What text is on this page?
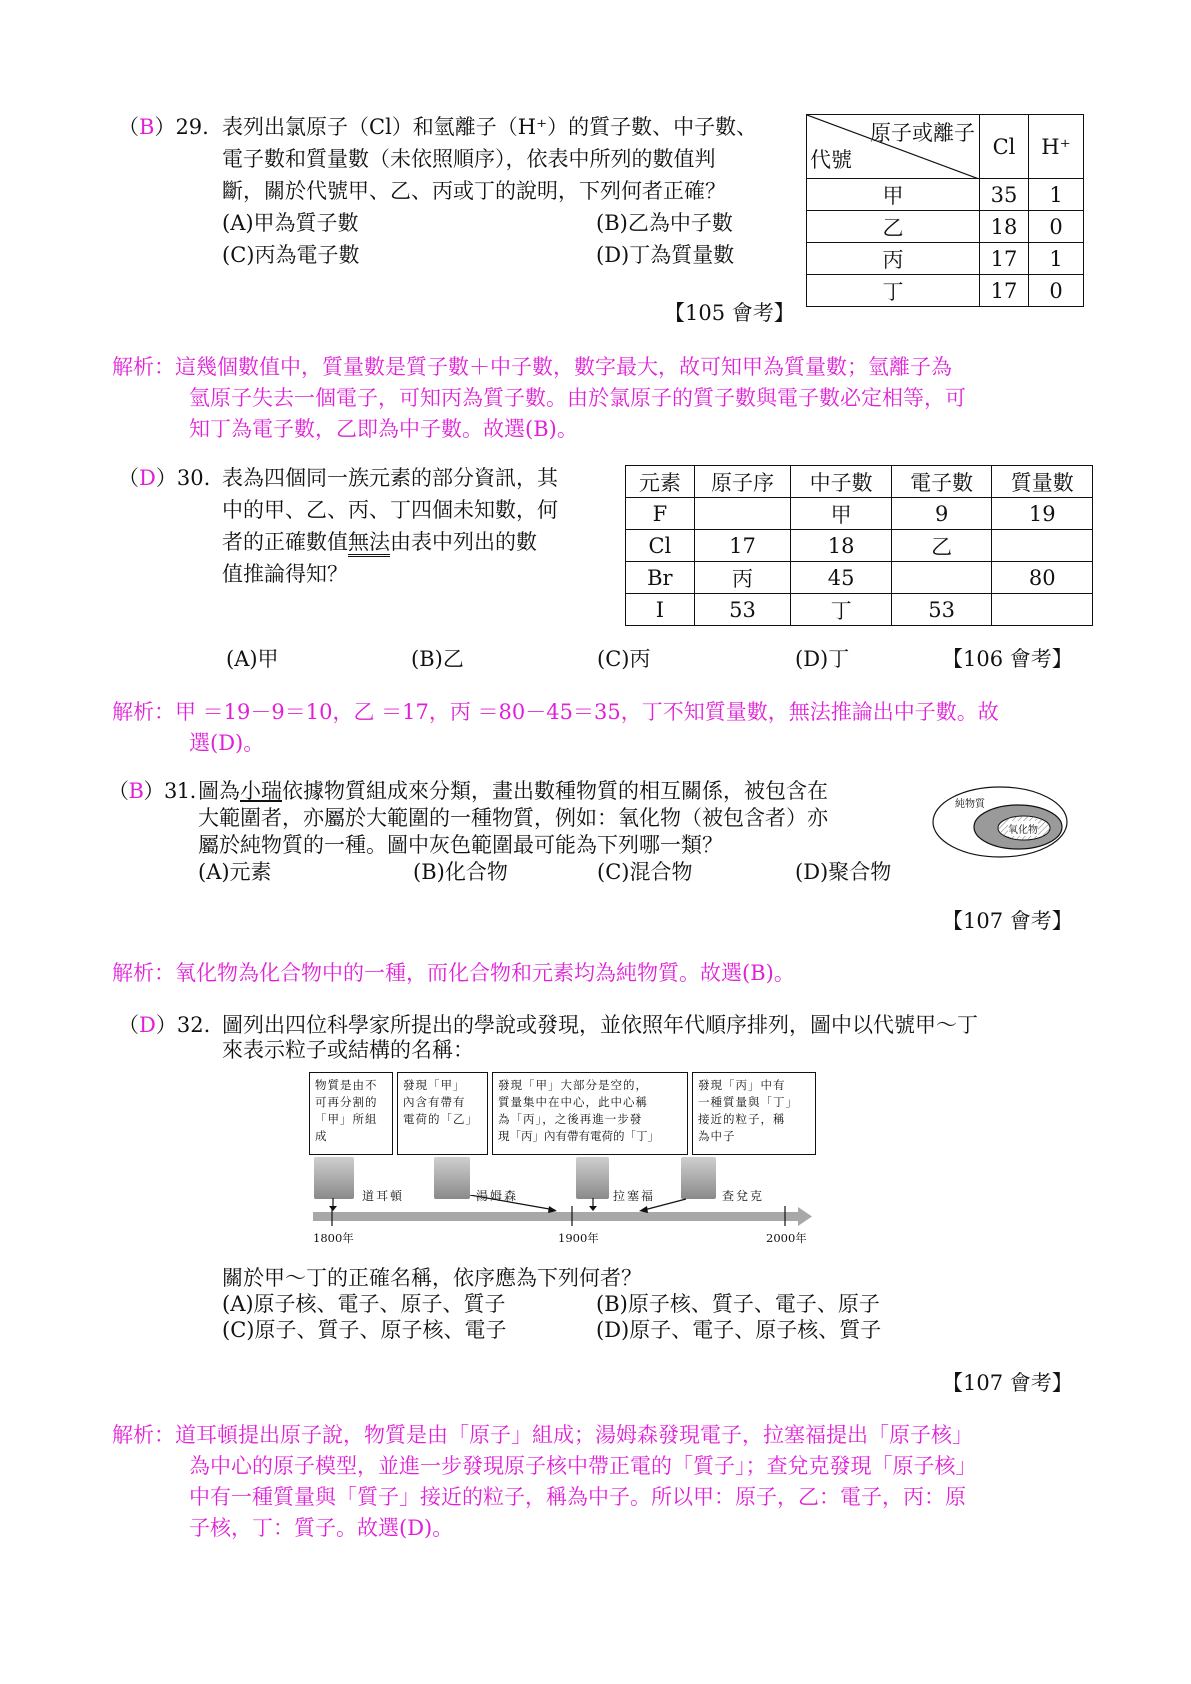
（B）29. 表列出氯原子（Cl）和氫離子（H⁺）的質子數、中子數、
電子數和質量數（未依照順序），依表中所列的數值判
斷，關於代號甲、乙、丙或丁的說明，下列何者正確？
(A)甲為質子數	(B)乙為中子數
(C)丙為電子數	(D)丁為質量數
【105 會考】
原子或離子
代號	Cl	H⁺
甲	35	1
乙	18	0
丙	17	1
丁	17	0
解析：這幾個數值中，質量數是質子數＋中子數，數字最大，故可知甲為質量數；氫離子為
氫原子失去一個電子，可知丙為質子數。由於氯原子的質子數與電子數必定相等，可
知丁為電子數，乙即為中子數。故選(B)。
（D）30. 表為四個同一族元素的部分資訊，其
中的甲、乙、丙、丁四個未知數，何
者的正確數值無法由表中列出的數
值推論得知？
元素	原子序	中子數	電子數	質量數
F		甲	9	19
Cl	17	18	乙	
Br	丙	45		80
I	53	丁	53	
(A)甲	(B)乙	(C)丙	(D)丁	【106 會考】
解析：甲 ＝19－9＝10，乙 ＝17，丙 ＝80－45＝35，丁不知質量數，無法推論出中子數。故
選(D)。
（B）31. 圖為小瑞依據物質組成來分類，畫出數種物質的相互關係，被包含在
大範圍者，亦屬於大範圍的一種物質，例如：氧化物（被包含者）亦
屬於純物質的一種。圖中灰色範圍最可能為下列哪一類？
(A)元素	(B)化合物	(C)混合物	(D)聚合物
純物質
氧化物
【107 會考】
解析：氧化物為化合物中的一種，而化合物和元素均為純物質。故選(B)。
（D）32. 圖列出四位科學家所提出的學說或發現，並依照年代順序排列，圖中以代號甲～丁
來表示粒子或結構的名稱：
物質是由不
可再分割的
「甲」所組
成
發現「甲」
內含有帶有
電荷的「乙」
發現「甲」大部分是空的，
質量集中在中心，此中心稱
為「丙」，之後再進一步發
現「丙」內有帶有電荷的「丁」
發現「丙」中有
一種質量與「丁」
接近的粒子，稱
為中子
道耳頓	湯姆森	拉塞福	查兌克
1800年	1900年	2000年
關於甲～丁的正確名稱，依序應為下列何者？
(A)原子核、電子、原子、質子	(B)原子核、質子、電子、原子
(C)原子、質子、原子核、電子	(D)原子、電子、原子核、質子
【107 會考】
解析：道耳頓提出原子說，物質是由「原子」組成；湯姆森發現電子，拉塞福提出「原子核」
為中心的原子模型，並進一步發現原子核中帶正電的「質子」；查兌克發現「原子核」
中有一種質量與「質子」接近的粒子，稱為中子。所以甲：原子，乙：電子，丙：原
子核，丁：質子。故選(D)。
